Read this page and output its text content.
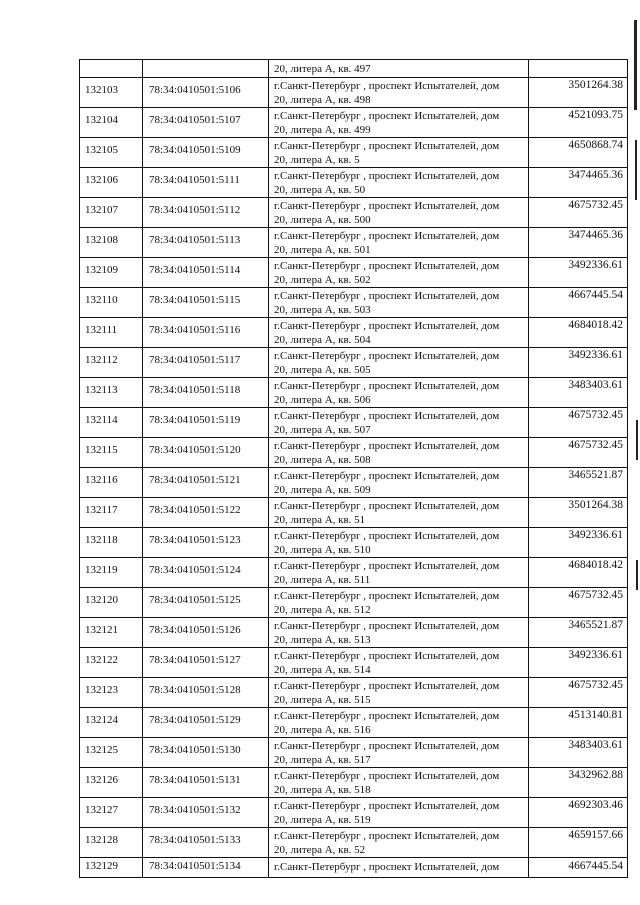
		20, литера А, кв. 497	

132103	78:34:0410501:5106	г.Санкт-Петербург , проспект Испытателей, дом
20, литера А, кв. 498	3501264.38
132104	78:34:0410501:5107	г.Санкт-Петербург , проспект Испытателей, дом
20, литера А, кв. 499	4521093.75
132105	78:34:0410501:5109	г.Санкт-Петербург , проспект Испытателей, дом
20, литера А, кв. 5	4650868.74
132106	78:34:0410501:5111	г.Санкт-Петербург , проспект Испытателей, дом
20, литера А, кв. 50	3474465.36
132107	78:34:0410501:5112	г.Санкт-Петербург , проспект Испытателей, дом
20, литера А, кв. 500	4675732.45
132108	78:34:0410501:5113	г.Санкт-Петербург , проспект Испытателей, дом
20, литера А, кв. 501	3474465.36
132109	78:34:0410501:5114	г.Санкт-Петербург , проспект Испытателей, дом
20, литера А, кв. 502	3492336.61
132110	78:34:0410501:5115	г.Санкт-Петербург , проспект Испытателей, дом
20, литера А, кв. 503	4667445.54
132111	78:34:0410501:5116	г.Санкт-Петербург , проспект Испытателей, дом
20, литера А, кв. 504	4684018.42
132112	78:34:0410501:5117	г.Санкт-Петербург , проспект Испытателей, дом
20, литера А, кв. 505	3492336.61
132113	78:34:0410501:5118	г.Санкт-Петербург , проспект Испытателей, дом
20, литера А, кв. 506	3483403.61
132114	78:34:0410501:5119	г.Санкт-Петербург , проспект Испытателей, дом
20, литера А, кв. 507	4675732.45
132115	78:34:0410501:5120	г.Санкт-Петербург , проспект Испытателей, дом
20, литера А, кв. 508	4675732.45
132116	78:34:0410501:5121	г.Санкт-Петербург , проспект Испытателей, дом
20, литера А, кв. 509	3465521.87
132117	78:34:0410501:5122	г.Санкт-Петербург , проспект Испытателей, дом
20, литера А, кв. 51	3501264.38
132118	78:34:0410501:5123	г.Санкт-Петербург , проспект Испытателей, дом
20, литера А, кв. 510	3492336.61
132119	78:34:0410501:5124	г.Санкт-Петербург , проспект Испытателей, дом
20, литера А, кв. 511	4684018.42
132120	78:34:0410501:5125	г.Санкт-Петербург , проспект Испытателей, дом
20, литера А, кв. 512	4675732.45
132121	78:34:0410501:5126	г.Санкт-Петербург , проспект Испытателей, дом
20, литера А, кв. 513	3465521.87
132122	78:34:0410501:5127	г.Санкт-Петербург , проспект Испытателей, дом
20, литера А, кв. 514	3492336.61
132123	78:34:0410501:5128	г.Санкт-Петербург , проспект Испытателей, дом
20, литера А, кв. 515	4675732.45
132124	78:34:0410501:5129	г.Санкт-Петербург , проспект Испытателей, дом
20, литера А, кв. 516	4513140.81
132125	78:34:0410501:5130	г.Санкт-Петербург , проспект Испытателей, дом
20, литера А, кв. 517	3483403.61
132126	78:34:0410501:5131	г.Санкт-Петербург , проспект Испытателей, дом
20, литера А, кв. 518	3432962.88
132127	78:34:0410501:5132	г.Санкт-Петербург , проспект Испытателей, дом
20, литера А, кв. 519	4692303.46
132128	78:34:0410501:5133	г.Санкт-Петербург , проспект Испытателей, дом
20, литера А, кв. 52	4659157.66
132129	78:34:0410501:5134	г.Санкт-Петербург , проспект Испытателей, дом	4667445.54
